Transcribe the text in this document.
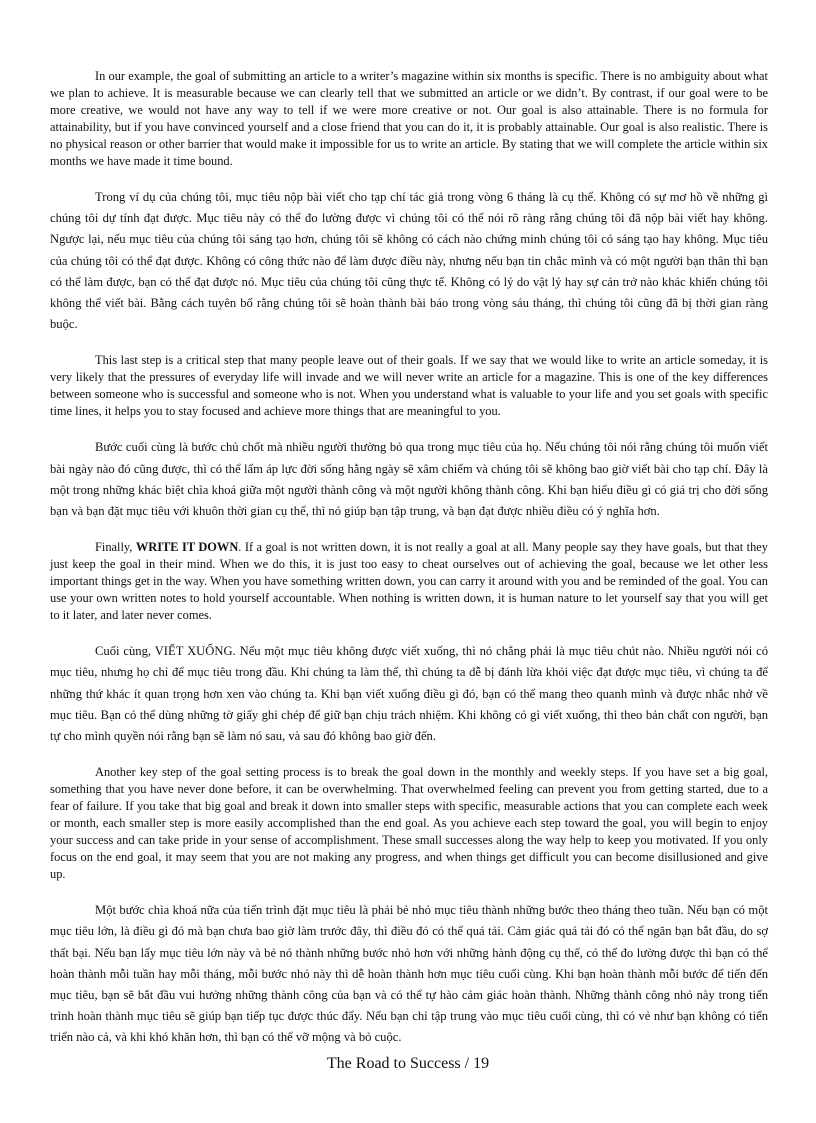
In our example, the goal of submitting an article to a writer’s magazine within six months is specific. There is no ambiguity about what we plan to achieve. It is measurable because we can clearly tell that we submitted an article or we didn’t. By contrast, if our goal were to be more creative, we would not have any way to tell if we were more creative or not. Our goal is also attainable. There is no formula for attainability, but if you have convinced yourself and a close friend that you can do it, it is probably attainable. Our goal is also realistic. There is no physical reason or other barrier that would make it impossible for us to write an article. By stating that we will complete the article within six months we have made it time bound.

Trong ví dụ của chúng tôi, mục tiêu nộp bài viết cho tạp chí tác giả trong vòng 6 tháng là cụ thể. Không có sự mơ hồ về những gì chúng tôi dự tính đạt được. Mục tiêu này có thể đo lường được vì chúng tôi có thể nói rõ ràng rằng chúng tôi đã nộp bài viết hay không. Ngược lại, nếu mục tiêu của chúng tôi sáng tạo hơn, chúng tôi sẽ không có cách nào chứng minh chúng tôi có sáng tạo hay không. Mục tiêu của chúng tôi có thể đạt được. Không có công thức nào để làm được điều này, nhưng nếu bạn tin chắc mình và có một người bạn thân thì bạn có thể làm được, bạn có thể đạt được nó. Mục tiêu của chúng tôi cũng thực tế. Không có lý do vật lý hay sự cản trở nào khác khiến chúng tôi không thể viết bài. Bằng cách tuyên bố rằng chúng tôi sẽ hoàn thành bài báo trong vòng sáu tháng, thì chúng tôi cũng đã bị thời gian ràng buộc.

This last step is a critical step that many people leave out of their goals. If we say that we would like to write an article someday, it is very likely that the pressures of everyday life will invade and we will never write an article for a magazine. This is one of the key differences between someone who is successful and someone who is not. When you understand what is valuable to your life and you set goals with specific time lines, it helps you to stay focused and achieve more things that are meaningful to you.

Bước cuối cùng là bước chủ chốt mà nhiều người thường bỏ qua trong mục tiêu của họ. Nếu chúng tôi nói rằng chúng tôi muốn viết bài ngày nào đó cũng được, thì có thể lấm áp lực đời sống hằng ngày sẽ xâm chiếm và chúng tôi sẽ không bao giờ viết bài cho tạp chí. Đây là một trong những khác biệt chìa khoá giữa một người thành công và một người không thành công. Khi bạn hiểu điều gì có giá trị cho đời sống bạn và bạn đặt mục tiêu với khuôn thời gian cụ thể, thì nó giúp bạn tập trung, và bạn đạt được nhiều điều có ý nghĩa hơn.

Finally, WRITE IT DOWN. If a goal is not written down, it is not really a goal at all. Many people say they have goals, but that they just keep the goal in their mind. When we do this, it is just too easy to cheat ourselves out of achieving the goal, because we let other less important things get in the way. When you have something written down, you can carry it around with you and be reminded of the goal. You can use your own written notes to hold yourself accountable. When nothing is written down, it is human nature to let yourself say that you will get to it later, and later never comes.

Cuối cùng, VIẾT XUỐNG. Nếu một mục tiêu không được viết xuống, thì nó chẳng phải là mục tiêu chút nào. Nhiều người nói có mục tiêu, nhưng họ chỉ để mục tiêu trong đầu. Khi chúng ta làm thế, thì chúng ta dễ bị đánh lừa khỏi việc đạt được mục tiêu, vì chúng ta để những thứ khác ít quan trọng hơn xen vào chúng ta. Khi bạn viết xuống điều gì đó, bạn có thể mang theo quanh mình và được nhắc nhở về mục tiêu. Bạn có thể dùng những tờ giấy ghi chép để giữ bạn chịu trách nhiệm. Khi không có gì viết xuống, thì theo bản chất con người, bạn tự cho mình quyền nói rằng bạn sẽ làm nó sau, và sau đó không bao giờ đến.

Another key step of the goal setting process is to break the goal down in the monthly and weekly steps. If you have set a big goal, something that you have never done before, it can be overwhelming. That overwhelmed feeling can prevent you from getting started, due to a fear of failure. If you take that big goal and break it down into smaller steps with specific, measurable actions that you can complete each week or month, each smaller step is more easily accomplished than the end goal. As you achieve each step toward the goal, you will begin to enjoy your success and can take pride in your sense of accomplishment. These small successes along the way help to keep you motivated. If you only focus on the end goal, it may seem that you are not making any progress, and when things get difficult you can become disillusioned and give up.

Một bước chìa khoá nữa của tiến trình đặt mục tiêu là phải bẻ nhỏ mục tiêu thành những bước theo tháng theo tuần. Nếu bạn có một mục tiêu lớn, là điều gì đó mà bạn chưa bao giờ làm trước đây, thì điều đó có thể quá tải. Cảm giác quá tải đó có thể ngăn bạn bắt đầu, do sợ thất bại. Nếu bạn lấy mục tiêu lớn này và bẻ nó thành những bước nhỏ hơn với những hành động cụ thể, có thể đo lường được thì bạn có thể hoàn thành mỗi tuần hay mỗi tháng, mỗi bước nhỏ này thì dễ hoàn thành hơn mục tiêu cuối cùng. Khi bạn hoàn thành mỗi bước để tiến đến mục tiêu, bạn sẽ bắt đầu vui hưởng những thành công của bạn và có thể tự hào cảm giác hoàn thành. Những thành công nhỏ này trong tiến trình hoàn thành mục tiêu sẽ giúp bạn tiếp tục được thúc đẩy. Nếu bạn chỉ tập trung vào mục tiêu cuối cùng, thì có vẻ như bạn không có tiến triển nào cả, và khi khó khăn hơn, thì bạn có thể vỡ mộng và bỏ cuộc.

The Road to Success / 19
